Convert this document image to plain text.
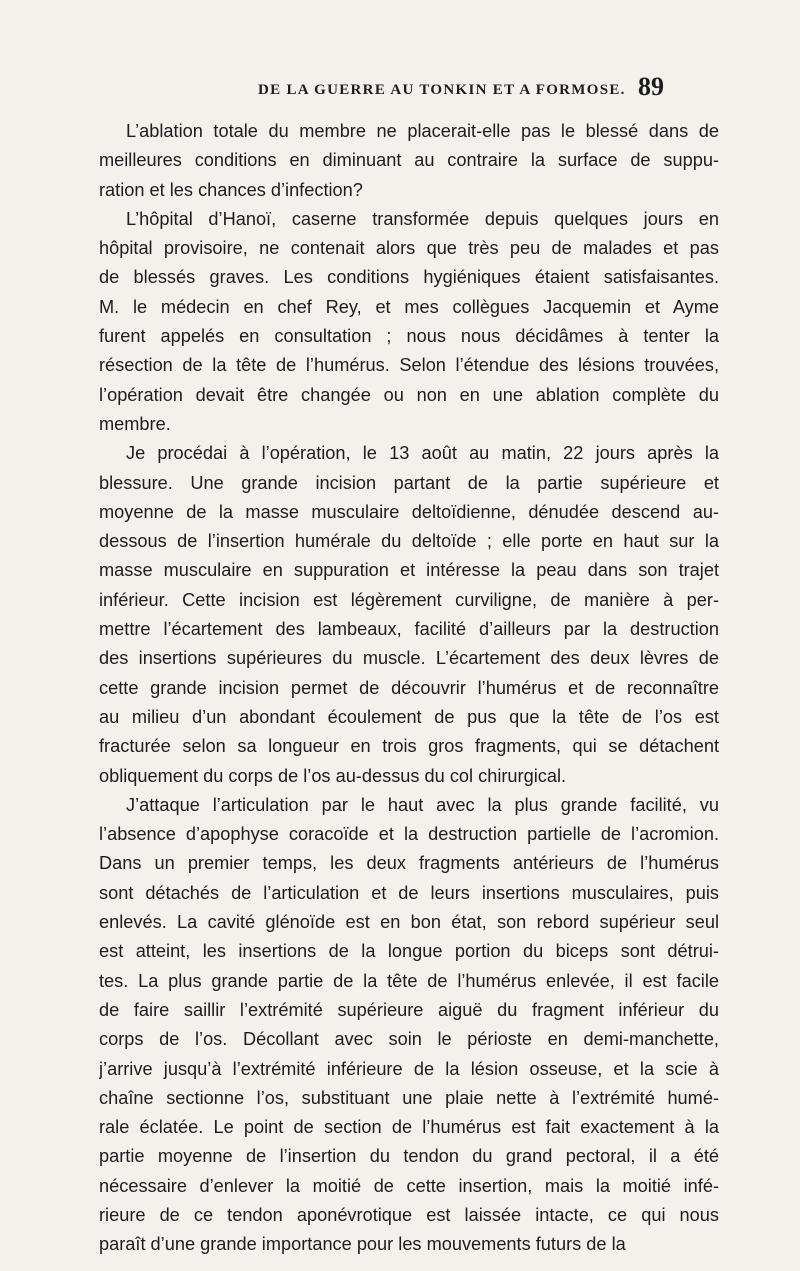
DE LA GUERRE AU TONKIN ET A FORMOSE. 89
L’ablation totale du membre ne placerait-elle pas le blessé dans de
meilleures conditions en diminuant au contraire la surface de suppu-
ration et les chances d’infection?
L’hôpital d’Hanoï, caserne transformée depuis quelques jours en
hôpital provisoire, ne contenait alors que très peu de malades et pas
de blessés graves. Les conditions hygiéniques étaient satisfaisantes.
M. le médecin en chef Rey, et mes collègues Jacquemin et Ayme
furent appelés en consultation ; nous nous décidâmes à tenter la
résection de la tête de l’humérus. Selon l’étendue des lésions trouvées,
l’opération devait être changée ou non en une ablation complète du
membre.
Je procédai à l’opération, le 13 août au matin, 22 jours après la
blessure. Une grande incision partant de la partie supérieure et
moyenne de la masse musculaire deltoïdienne, dénudée descend au-
dessous de l’insertion humérale du deltoïde ; elle porte en haut sur la
masse musculaire en suppuration et intéresse la peau dans son trajet
inférieur. Cette incision est légèrement curviligne, de manière à per-
mettre l’écartement des lambeaux, facilité d’ailleurs par la destruction
des insertions supérieures du muscle. L’écartement des deux lèvres de
cette grande incision permet de découvrir l’humérus et de reconnaître
au milieu d’un abondant écoulement de pus que la tête de l’os est
fracturée selon sa longueur en trois gros fragments, qui se détachent
obliquement du corps de l’os au-dessus du col chirurgical.
J’attaque l’articulation par le haut avec la plus grande facilité, vu
l’absence d’apophyse coracoïde et la destruction partielle de l’acromion.
Dans un premier temps, les deux fragments antérieurs de l’humérus
sont détachés de l’articulation et de leurs insertions musculaires, puis
enlevés. La cavité glénoïde est en bon état, son rebord supérieur seul
est atteint, les insertions de la longue portion du biceps sont détrui-
tes. La plus grande partie de la tête de l’humérus enlevée, il est facile
de faire saillir l’extrémité supérieure aiguë du fragment inférieur du
corps de l’os. Décollant avec soin le périoste en demi-manchette,
j’arrive jusqu’à l’extrémité inférieure de la lésion osseuse, et la scie à
chaîne sectionne l’os, substituant une plaie nette à l’extrémité humé-
rale éclatée. Le point de section de l’humérus est fait exactement à la
partie moyenne de l’insertion du tendon du grand pectoral, il a été
nécessaire d’enlever la moitié de cette insertion, mais la moitié infé-
rieure de ce tendon aponévrotique est laissée intacte, ce qui nous
paraît d’une grande importance pour les mouvements futurs de la
